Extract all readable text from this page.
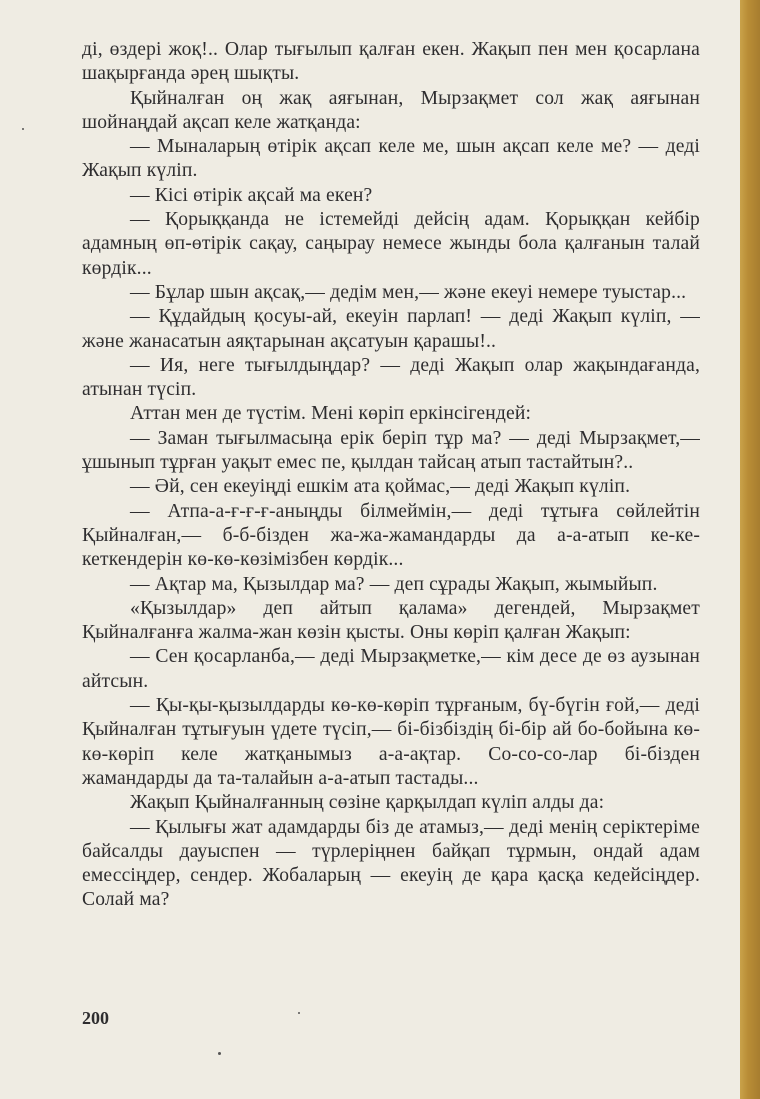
ді, өздері жоқ!.. Олар тығылып қалған екен. Жақып пен мен қосарлана шақырғанда әрең шықты.

Қыйналған оң жақ аяғынан, Мырзақмет сол жақ аяғынан шойнаңдай ақсап келе жатқанда:

— Мыналарың өтірік ақсап келе ме, шын ақсап келе ме? — деді Жақып күліп.

— Кісі өтірік ақсай ма екен?

— Қорыққанда не істемейді дейсің адам. Қорыққан кейбір адамның өп-өтірік сақау, саңырау немесе жынды бола қалғанын талай көрдік...

— Бұлар шын ақсақ,— дедім мен,— және екеуі немере туыстар...

— Құдайдың қосуы-ай, екеуін парлап! — деді Жақып күліп, — және жанасатын аяқтарынан ақсатуын қарашы!..

— Ия, неге тығылдыңдар? — деді Жақып олар жақындағанда, атынан түсіп.

Аттан мен де түстім. Мені көріп еркінсігендей:

— Заман тығылмасыңа ерік беріп тұр ма? — деді Мырзақмет,— ұшынып тұрған уақыт емес пе, қылдан тайсаң атып тастайтын?..

— Әй, сен екеуіңді ешкім ата қоймас,— деді Жақып күліп.

— Атпа-а-ғ-ғ-ғ-аныңды білмеймін,— деді тұтыға сөйлейтін Қыйналған,— б-б-бізден жа-жа-жамандарды да а-а-атып ке-ке-кеткендерін кө-кө-көзімізбен көрдік...

— Ақтар ма, Қызылдар ма? — деп сұрады Жақып, жымыйып.

«Қызылдар» деп айтып қалама» дегендей, Мырзақмет Қыйналғанға жалма-жан көзін қысты. Оны көріп қалған Жақып:

— Сен қосарланба,— деді Мырзақметке,— кім десе де өз аузынан айтсын.

— Қы-қы-қызылдарды кө-кө-көріп тұрғаным, бү-бүгін ғой,— деді Қыйналған тұтығуын үдете түсіп,— бі-бізбіздің бі-бір ай бо-бойына кө-кө-көріп келе жатқанымыз а-а-ақтар. Со-со-со-лар бі-бізден жамандарды да та-талайын а-а-атып тастады...

Жақып Қыйналғанның сөзіне қарқылдап күліп алды да:

— Қылығы жат адамдарды біз де атамыз,— деді менің серіктеріме байсалды дауыспен — түрлеріңнен байқап тұрмын, ондай адам емессіңдер, сендер. Жобаларың — екеуің де қара қасқа кедейсіңдер. Солай ма?

200
